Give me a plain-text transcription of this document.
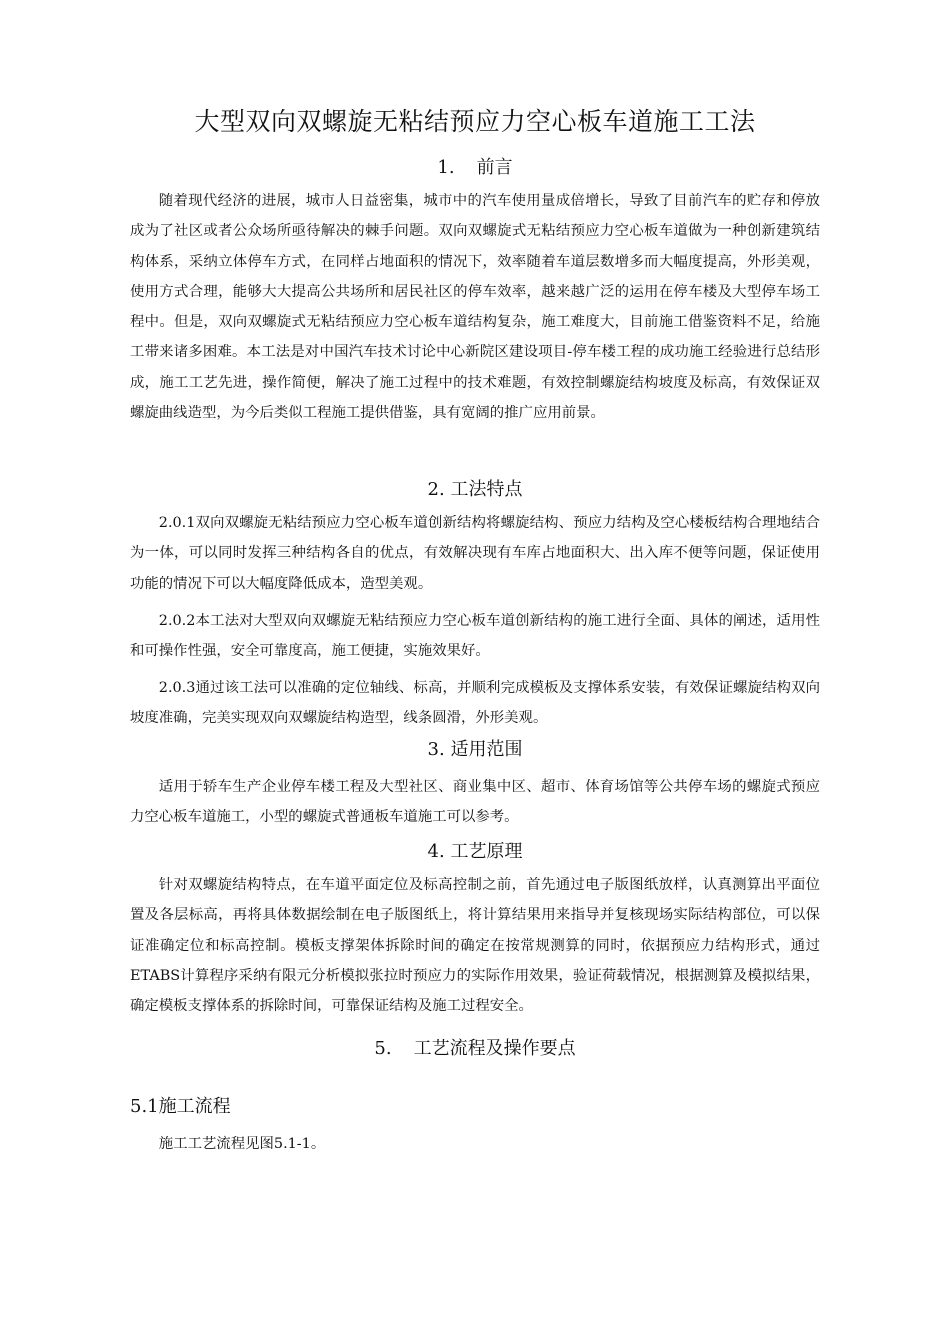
大型双向双螺旋无粘结预应力空心板车道施工工法
1. 前言

随着现代经济的进展，城市人日益密集，城市中的汽车使用量成倍增长，导致了目前汽车的贮存和停放成为了社区或者公众场所亟待解决的棘手问题。双向双螺旋式无粘结预应力空心板车道做为一种创新建筑结构体系，采纳立体停车方式，在同样占地面积的情况下，效率随着车道层数增多而大幅度提高，外形美观，使用方式合理，能够大大提高公共场所和居民社区的停车效率，越来越广泛的运用在停车楼及大型停车场工程中。但是，双向双螺旋式无粘结预应力空心板车道结构复杂，施工难度大，目前施工借鉴资料不足，给施工带来诸多困难。本工法是对中国汽车技术讨论中心新院区建设项目-停车楼工程的成功施工经验进行总结形成，施工工艺先进，操作简便，解决了施工过程中的技术难题，有效控制螺旋结构坡度及标高，有效保证双螺旋曲线造型，为今后类似工程施工提供借鉴，具有宽阔的推广应用前景。

2. 工法特点

2.0.1双向双螺旋无粘结预应力空心板车道创新结构将螺旋结构、预应力结构及空心楼板结构合理地结合为一体，可以同时发挥三种结构各自的优点，有效解决现有车库占地面积大、出入库不便等问题，保证使用功能的情况下可以大幅度降低成本，造型美观。

2.0.2本工法对大型双向双螺旋无粘结预应力空心板车道创新结构的施工进行全面、具体的阐述，适用性和可操作性强，安全可靠度高，施工便捷，实施效果好。

2.0.3通过该工法可以准确的定位轴线、标高，并顺利完成模板及支撑体系安装，有效保证螺旋结构双向坡度准确，完美实现双向双螺旋结构造型，线条圆滑，外形美观。

3. 适用范围

适用于轿车生产企业停车楼工程及大型社区、商业集中区、超市、体育场馆等公共停车场的螺旋式预应力空心板车道施工，小型的螺旋式普通板车道施工可以参考。

4. 工艺原理

针对双螺旋结构特点，在车道平面定位及标高控制之前，首先通过电子版图纸放样，认真测算出平面位置及各层标高，再将具体数据绘制在电子版图纸上，将计算结果用来指导并复核现场实际结构部位，可以保证准确定位和标高控制。模板支撑架体拆除时间的确定在按常规测算的同时，依据预应力结构形式，通过ETABS计算程序采纳有限元分析模拟张拉时预应力的实际作用效果，验证荷载情况，根据测算及模拟结果，确定模板支撑体系的拆除时间，可靠保证结构及施工过程安全。

5. 工艺流程及操作要点
5.1施工流程

施工工艺流程见图5.1-1。
